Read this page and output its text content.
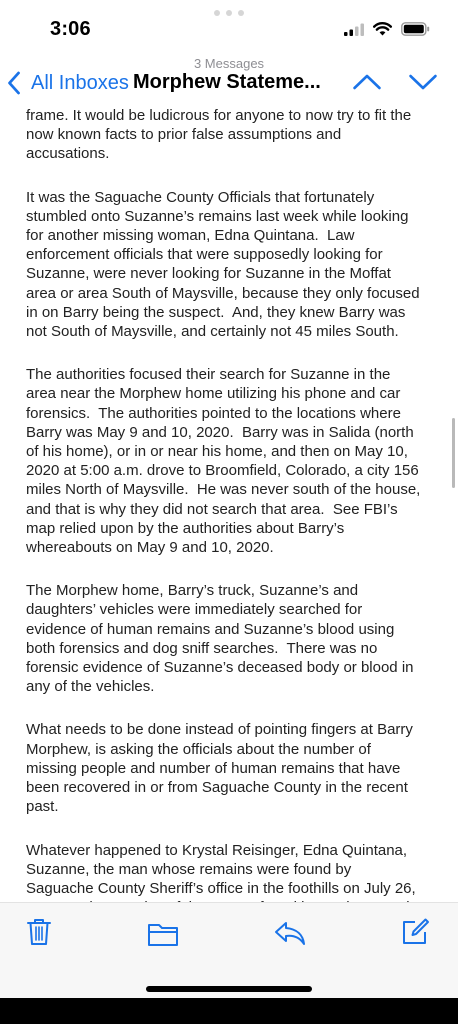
3:06
3 Messages
All Inboxes Morphew Stateme...

frame. It would be ludicrous for anyone to now try to fit the
now known facts to prior false assumptions and
accusations.

It was the Saguache County Officials that fortunately
stumbled onto Suzanne’s remains last week while looking
for another missing woman, Edna Quintana.  Law
enforcement officials that were supposedly looking for
Suzanne, were never looking for Suzanne in the Moffat
area or area South of Maysville, because they only focused
in on Barry being the suspect.  And, they knew Barry was
not South of Maysville, and certainly not 45 miles South.

The authorities focused their search for Suzanne in the
area near the Morphew home utilizing his phone and car
forensics.  The authorities pointed to the locations where
Barry was May 9 and 10, 2020.  Barry was in Salida (north
of his home), or in or near his home, and then on May 10,
2020 at 5:00 a.m. drove to Broomfield, Colorado, a city 156
miles North of Maysville.  He was never south of the house,
and that is why they did not search that area.  See FBI’s
map relied upon by the authorities about Barry’s
whereabouts on May 9 and 10, 2020.

The Morphew home, Barry’s truck, Suzanne’s and
daughters’ vehicles were immediately searched for
evidence of human remains and Suzanne’s blood using
both forensics and dog sniff searches.  There was no
forensic evidence of Suzanne’s deceased body or blood in
any of the vehicles.

What needs to be done instead of pointing fingers at Barry
Morphew, is asking the officials about the number of
missing people and number of human remains that have
been recovered in or from Saguache County in the recent
past.

Whatever happened to Krystal Reisinger, Edna Quintana,
Suzanne, the man whose remains were found by
Saguache County Sheriff’s office in the foothills on July 26,
